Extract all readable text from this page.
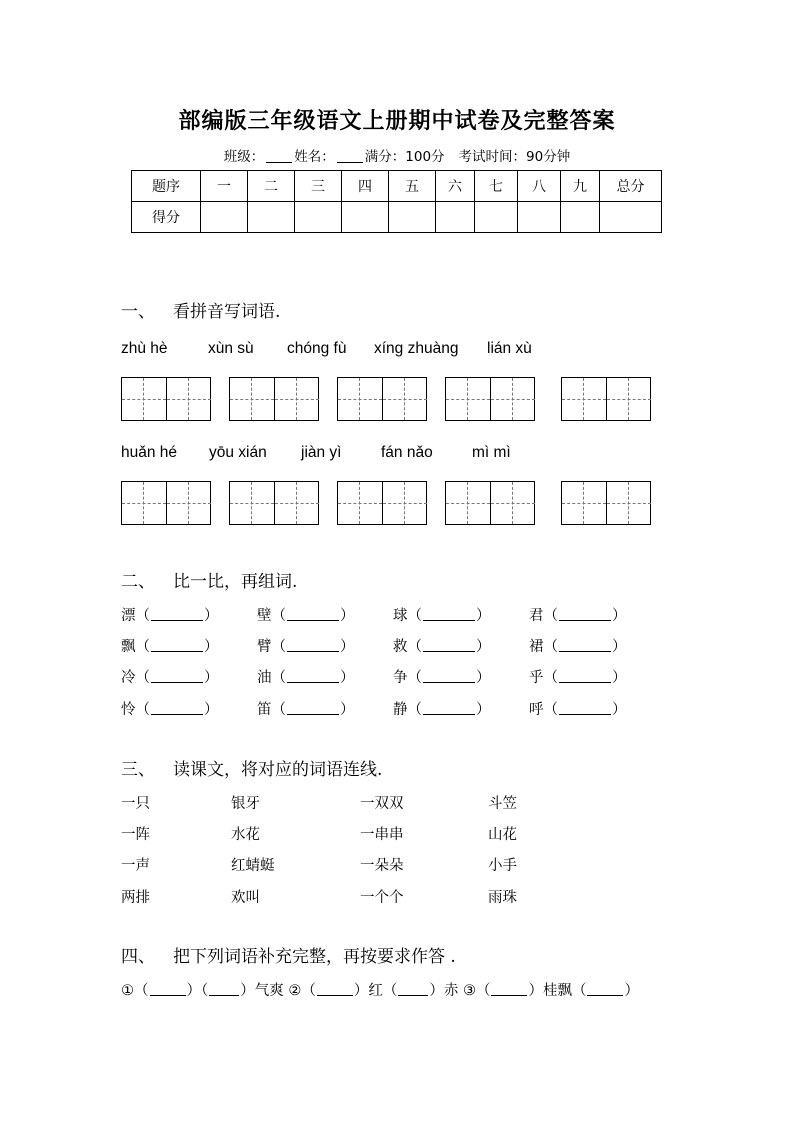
部编版三年级语文上册期中试卷及完整答案
班级： 姓名： 满分：100分 考试时间：90分钟
题序	一	二	三	四	五	六	七	八	九	总分
得分										
一、 看拼音写词语.
zhù hè	xùn sù chóng fù xíng zhuàng lián xù
huǎn hé yōu xián jiàn yì	fán nǎo	mì mì
二、 比一比，再组词.
漂（	）	壁（	）	球（	）	君（	）
飘（	）	臂（	）	救（	）	裙（	）
冷（	）	油（	）	争（	）	乎（	）
怜（	）	笛（	）	静（	）	呼（	）
三、 读课文，将对应的词语连线.
一只	银牙	一双双	斗笠
一阵	水花	一串串	山花
一声	红蜻蜓	一朵朵	小手
两排	欢叫	一个个	雨珠
四、 把下列词语补充完整，再按要求作答 .
①（	）（ ）气爽 ②（	）红（ ）赤 ③（	）桂飘（	）
